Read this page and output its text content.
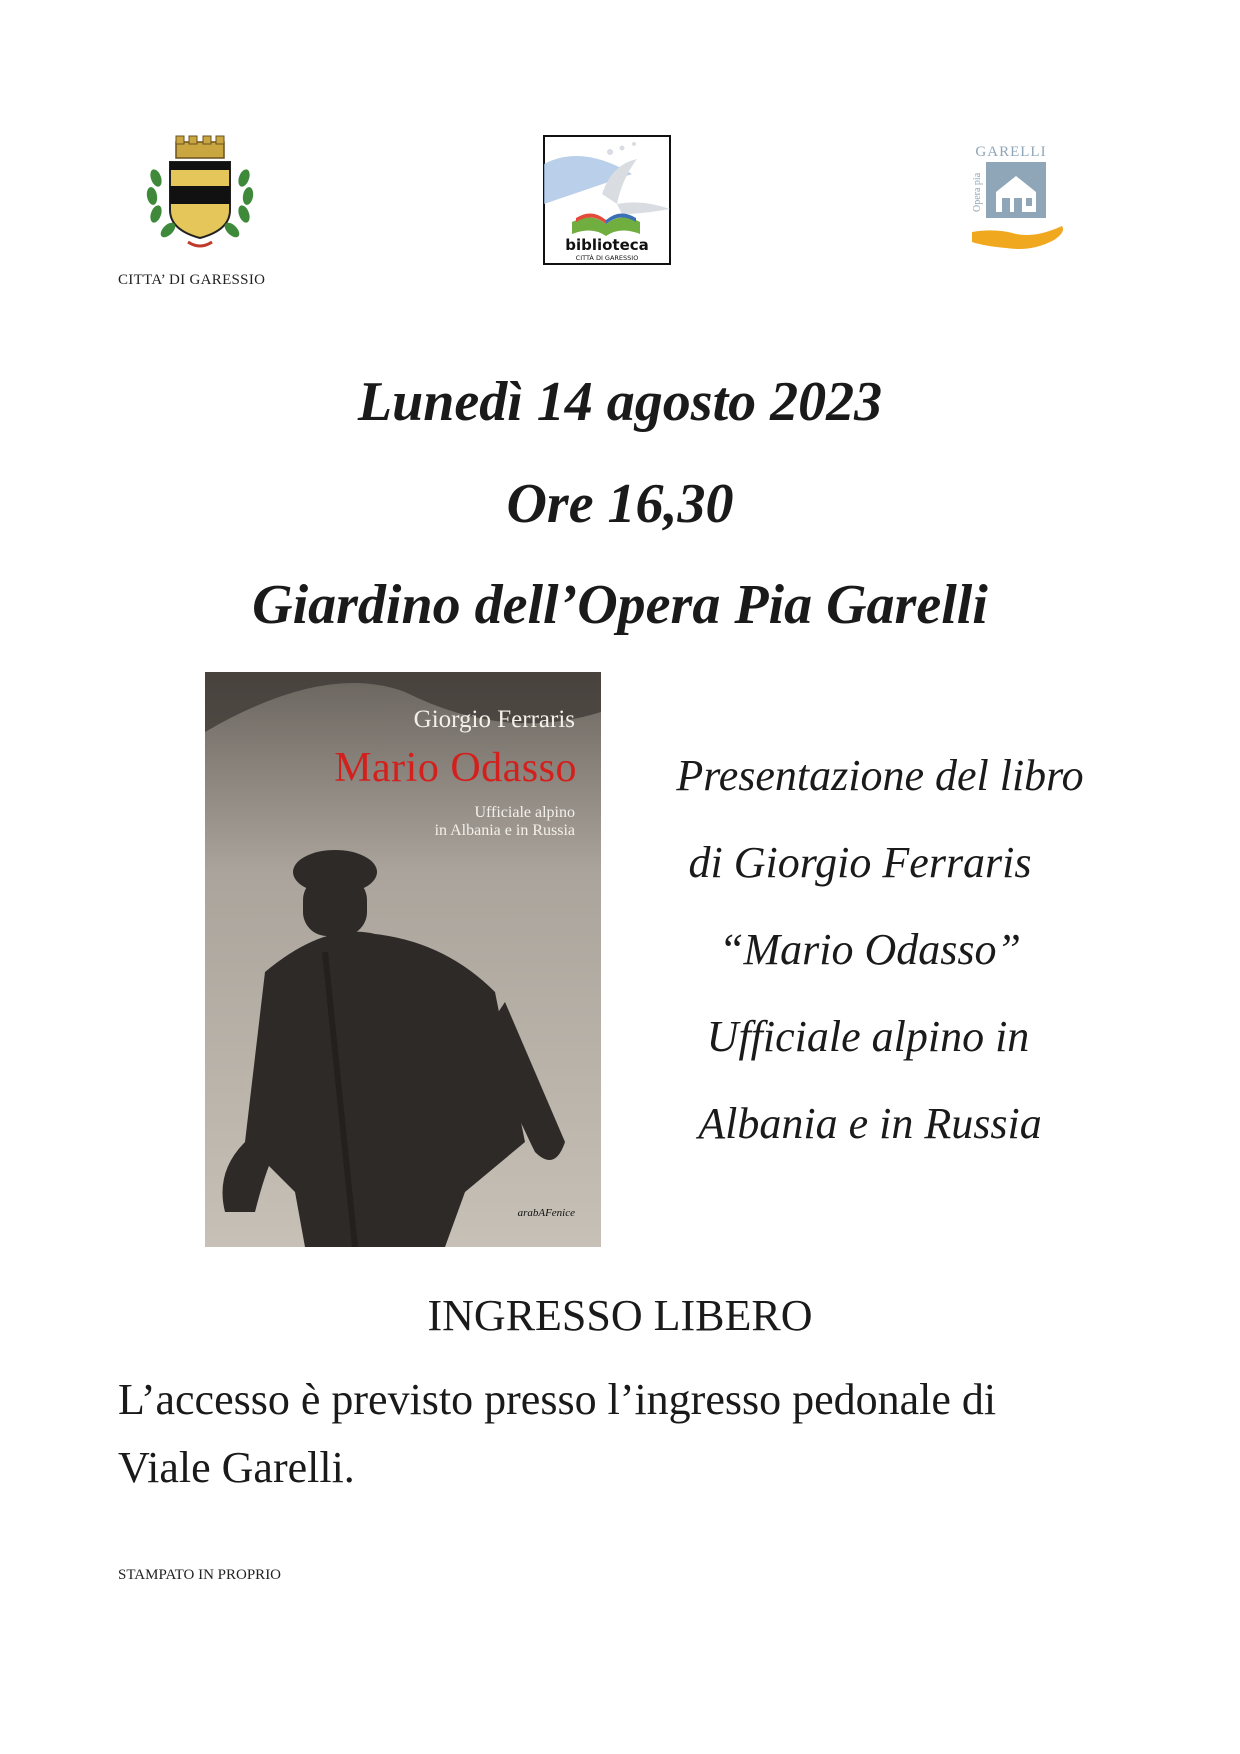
CITTA’ DI GARESSIO
biblioteca
CITTÀ DI GARESSIO
GARELLI
Opera pia
Lunedì 14 agosto 2023
Ore 16,30
Giardino dell’Opera Pia Garelli
Giorgio Ferraris
Mario Odasso
Ufficiale alpino
in Albania e in Russia
arabAFenice
Presentazione del libro
di Giorgio Ferraris
“Mario Odasso”
Ufficiale alpino in
Albania e in Russia
INGRESSO LIBERO
L’accesso è previsto presso l’ingresso pedonale di
Viale Garelli.
STAMPATO IN PROPRIO
